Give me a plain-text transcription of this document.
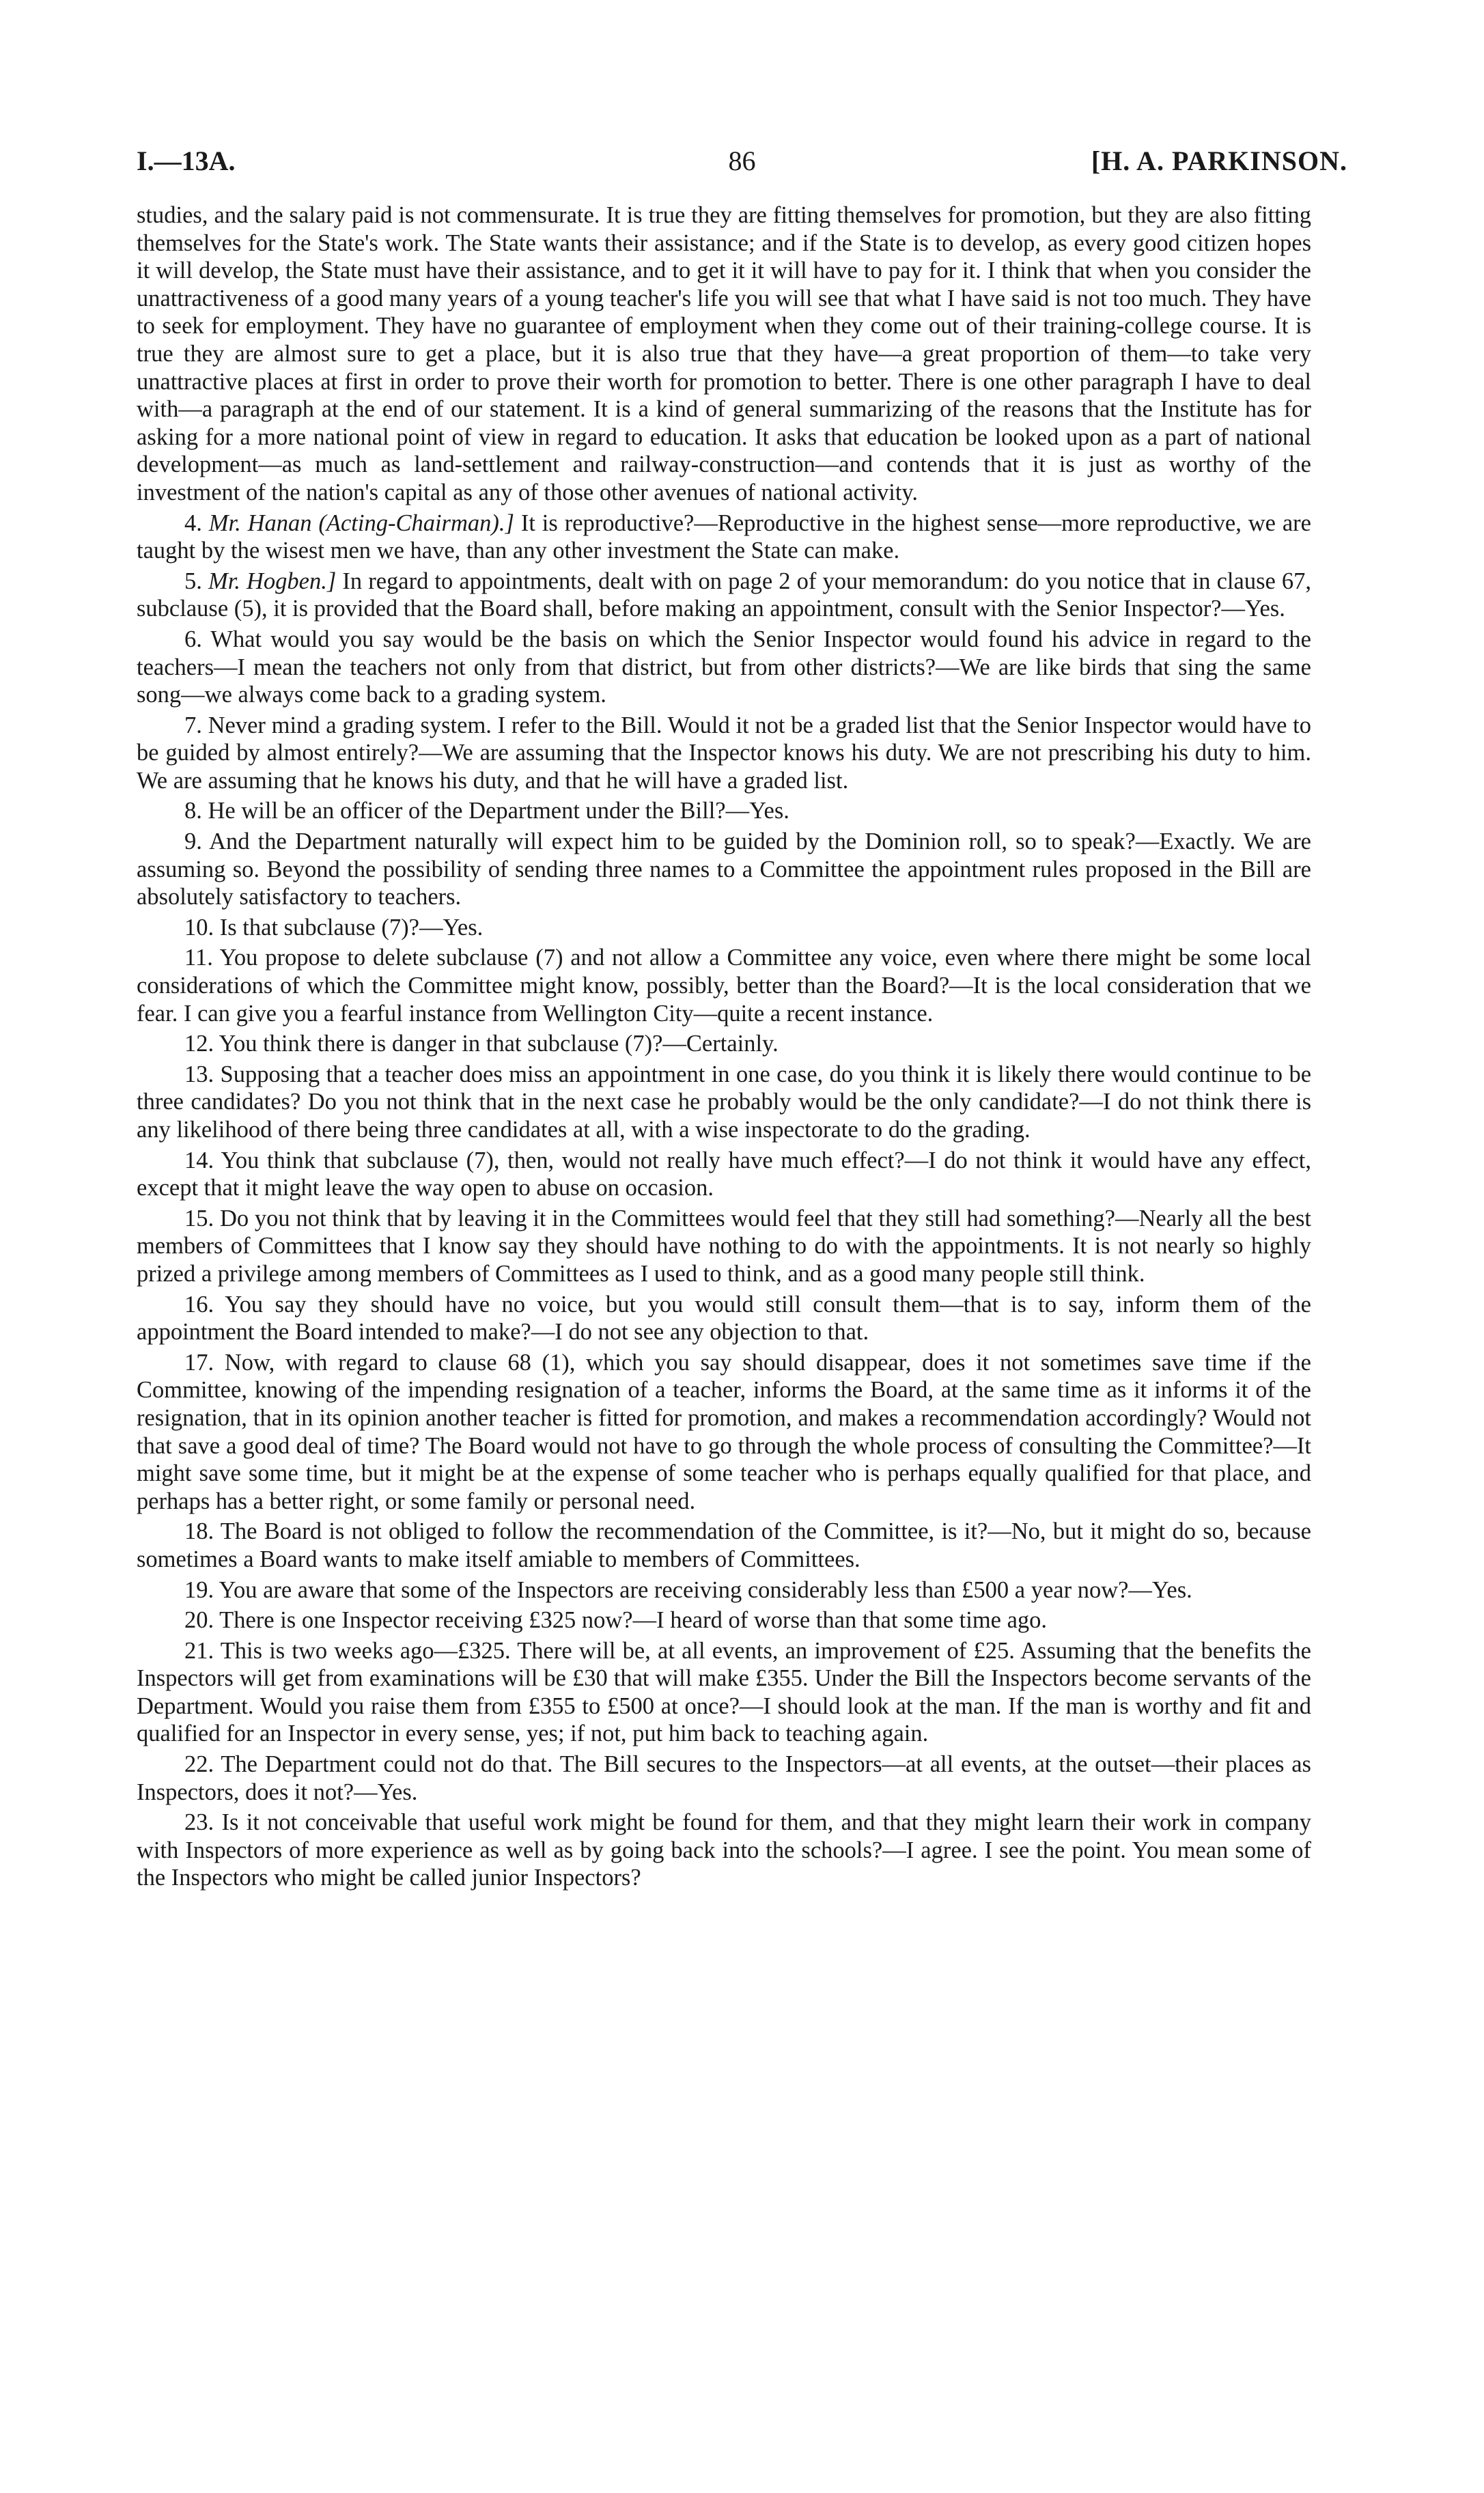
86
I.—13A.	[H. A. PARKINSON.

studies, and the salary paid is not commensurate. It is true they are fitting themselves for promotion, but they are also fitting themselves for the State's work. The State wants their assistance; and if the State is to develop, as every good citizen hopes it will develop, the State must have their assistance, and to get it it will have to pay for it. I think that when you consider the unattractiveness of a good many years of a young teacher's life you will see that what I have said is not too much. They have to seek for employment. They have no guarantee of employment when they come out of their training-college course. It is true they are almost sure to get a place, but it is also true that they have—a great proportion of them—to take very unattractive places at first in order to prove their worth for promotion to better. There is one other paragraph I have to deal with—a paragraph at the end of our statement. It is a kind of general summarizing of the reasons that the Institute has for asking for a more national point of view in regard to education. It asks that education be looked upon as a part of national development—as much as land-settlement and railway-construction—and contends that it is just as worthy of the investment of the nation's capital as any of those other avenues of national activity.

4. Mr. Hanan (Acting-Chairman).] It is reproductive?—Reproductive in the highest sense—more reproductive, we are taught by the wisest men we have, than any other investment the State can make.

5. Mr. Hogben.] In regard to appointments, dealt with on page 2 of your memorandum: do you notice that in clause 67, subclause (5), it is provided that the Board shall, before making an appointment, consult with the Senior Inspector?—Yes.

6. What would you say would be the basis on which the Senior Inspector would found his advice in regard to the teachers—I mean the teachers not only from that district, but from other districts?—We are like birds that sing the same song—we always come back to a grading system.

7. Never mind a grading system. I refer to the Bill. Would it not be a graded list that the Senior Inspector would have to be guided by almost entirely?—We are assuming that the Inspector knows his duty. We are not prescribing his duty to him. We are assuming that he knows his duty, and that he will have a graded list.

8. He will be an officer of the Department under the Bill?—Yes.

9. And the Department naturally will expect him to be guided by the Dominion roll, so to speak?—Exactly. We are assuming so. Beyond the possibility of sending three names to a Committee the appointment rules proposed in the Bill are absolutely satisfactory to teachers.

10. Is that subclause (7)?—Yes.

11. You propose to delete subclause (7) and not allow a Committee any voice, even where there might be some local considerations of which the Committee might know, possibly, better than the Board?—It is the local consideration that we fear. I can give you a fearful instance from Wellington City—quite a recent instance.

12. You think there is danger in that subclause (7)?—Certainly.

13. Supposing that a teacher does miss an appointment in one case, do you think it is likely there would continue to be three candidates? Do you not think that in the next case he probably would be the only candidate?—I do not think there is any likelihood of there being three candidates at all, with a wise inspectorate to do the grading.

14. You think that subclause (7), then, would not really have much effect?—I do not think it would have any effect, except that it might leave the way open to abuse on occasion.

15. Do you not think that by leaving it in the Committees would feel that they still had something?—Nearly all the best members of Committees that I know say they should have nothing to do with the appointments. It is not nearly so highly prized a privilege among members of Committees as I used to think, and as a good many people still think.

16. You say they should have no voice, but you would still consult them—that is to say, inform them of the appointment the Board intended to make?—I do not see any objection to that.

17. Now, with regard to clause 68 (1), which you say should disappear, does it not sometimes save time if the Committee, knowing of the impending resignation of a teacher, informs the Board, at the same time as it informs it of the resignation, that in its opinion another teacher is fitted for promotion, and makes a recommendation accordingly? Would not that save a good deal of time? The Board would not have to go through the whole process of consulting the Committee?—It might save some time, but it might be at the expense of some teacher who is perhaps equally qualified for that place, and perhaps has a better right, or some family or personal need.

18. The Board is not obliged to follow the recommendation of the Committee, is it?—No, but it might do so, because sometimes a Board wants to make itself amiable to members of Committees.

19. You are aware that some of the Inspectors are receiving considerably less than £500 a year now?—Yes.

20. There is one Inspector receiving £325 now?—I heard of worse than that some time ago.

21. This is two weeks ago—£325. There will be, at all events, an improvement of £25. Assuming that the benefits the Inspectors will get from examinations will be £30 that will make £355. Under the Bill the Inspectors become servants of the Department. Would you raise them from £355 to £500 at once?—I should look at the man. If the man is worthy and fit and qualified for an Inspector in every sense, yes; if not, put him back to teaching again.

22. The Department could not do that. The Bill secures to the Inspectors—at all events, at the outset—their places as Inspectors, does it not?—Yes.

23. Is it not conceivable that useful work might be found for them, and that they might learn their work in company with Inspectors of more experience as well as by going back into the schools?—I agree. I see the point. You mean some of the Inspectors who might be called junior Inspectors?
